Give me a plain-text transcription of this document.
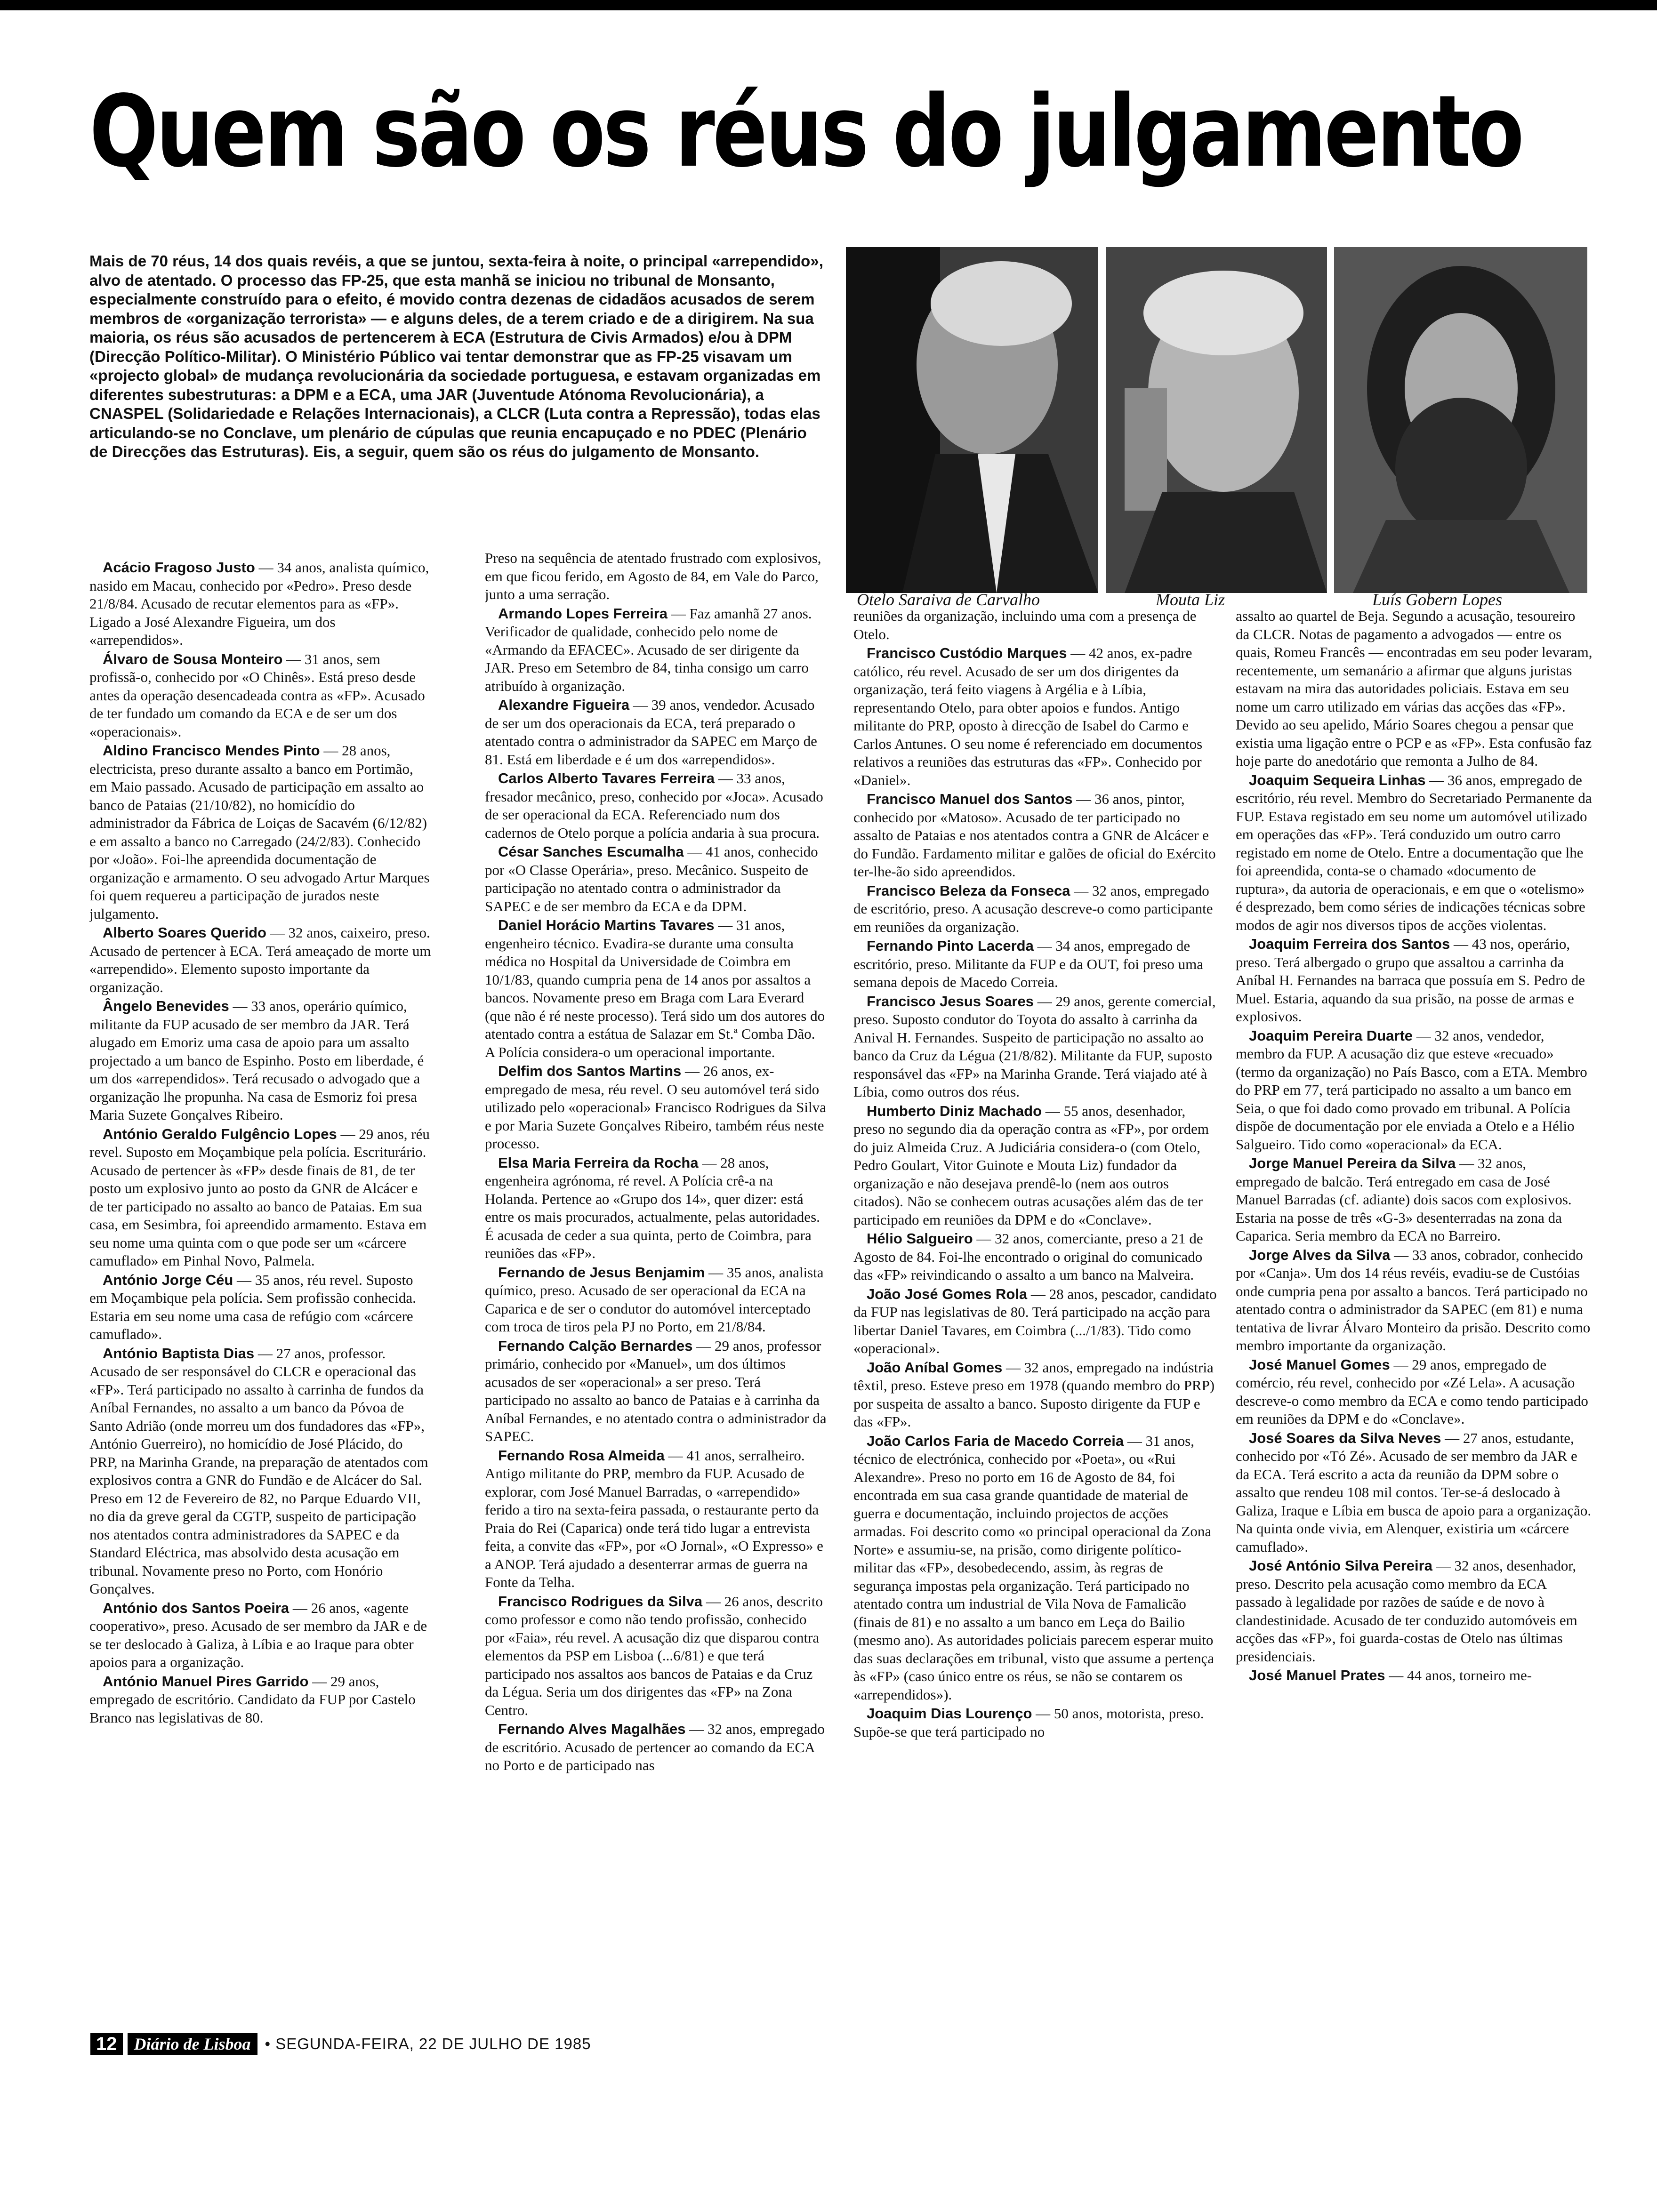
Quem são os réus do julgamento

Mais de 70 réus, 14 dos quais revéis, a que se juntou, sexta-feira à noite, o principal «arrependido», alvo de atentado. O processo das FP-25, que esta manhã se iniciou no tribunal de Monsanto, especialmente construído para o efeito, é movido contra dezenas de cidadãos acusados de serem membros de «organização terrorista» — e alguns deles, de a terem criado e de a dirigirem. Na sua maioria, os réus são acusados de pertencerem à ECA (Estrutura de Civis Armados) e/ou à DPM (Direcção Político-Militar). O Ministério Público vai tentar demonstrar que as FP-25 visavam um «projecto global» de mudança revolucionária da sociedade portuguesa, e estavam organizadas em diferentes subestruturas: a DPM e a ECA, uma JAR (Juventude Atónoma Revolucionária), a CNASPEL (Solidariedade e Relações Internacionais), a CLCR (Luta contra a Repressão), todas elas articulando-se no Conclave, um plenário de cúpulas que reunia encapuçado e no PDEC (Plenário de Direcções das Estruturas). Eis, a seguir, quem são os réus do julgamento de Monsanto.

Otelo Saraiva de Carvalho	Mouta Liz	Luís Gobern Lopes

Acácio Fragoso Justo — 34 anos, analista químico, nasido em Macau, conhecido por «Pedro». Preso desde 21/8/84. Acusado de recutar elementos para as «FP». Ligado a José Alexandre Figueira, um dos «arrependidos».

Álvaro de Sousa Monteiro — 31 anos, sem profissã-o, conhecido por «O Chinês». Está preso desde antes da operação desencadeada contra as «FP». Acusado de ter fundado um comando da ECA e de ser um dos «operacionais».

Aldino Francisco Mendes Pinto — 28 anos, electricista, preso durante assalto a banco em Portimão, em Maio passado. Acusado de participação em assalto ao banco de Pataias (21/10/82), no homicídio do administrador da Fábrica de Loiças de Sacavém (6/12/82) e em assalto a banco no Carregado (24/2/83). Conhecido por «João». Foi-lhe apreendida documentação de organização e armamento. O seu advogado Artur Marques foi quem requereu a participação de jurados neste julgamento.

Alberto Soares Querido — 32 anos, caixeiro, preso. Acusado de pertencer à ECA. Terá ameaçado de morte um «arrependido». Elemento suposto importante da organização.

Ângelo Benevides — 33 anos, operário químico, militante da FUP acusado de ser membro da JAR. Terá alugado em Emoriz uma casa de apoio para um assalto projectado a um banco de Espinho. Posto em liberdade, é um dos «arrependidos». Terá recusado o advogado que a organização lhe propunha. Na casa de Esmoriz foi presa Maria Suzete Gonçalves Ribeiro.

António Geraldo Fulgêncio Lopes — 29 anos, réu revel. Suposto em Moçambique pela polícia. Escriturário. Acusado de pertencer às «FP» desde finais de 81, de ter posto um explosivo junto ao posto da GNR de Alcácer e de ter participado no assalto ao banco de Pataias. Em sua casa, em Sesimbra, foi apreendido armamento. Estava em seu nome uma quinta com o que pode ser um «cárcere camuflado» em Pinhal Novo, Palmela.

António Jorge Céu — 35 anos, réu revel. Suposto em Moçambique pela polícia. Sem profissão conhecida. Estaria em seu nome uma casa de refúgio com «cárcere camuflado».

António Baptista Dias — 27 anos, professor. Acusado de ser responsável do CLCR e operacional das «FP». Terá participado no assalto à carrinha de fundos da Aníbal Fernandes, no assalto a um banco da Póvoa de Santo Adrião (onde morreu um dos fundadores das «FP», António Guerreiro), no homicídio de José Plácido, do PRP, na Marinha Grande, na preparação de atentados com explosivos contra a GNR do Fundão e de Alcácer do Sal. Preso em 12 de Fevereiro de 82, no Parque Eduardo VII, no dia da greve geral da CGTP, suspeito de participação nos atentados contra administradores da SAPEC e da Standard Eléctrica, mas absolvido desta acusação em tribunal. Novamente preso no Porto, com Honório Gonçalves.

António dos Santos Poeira — 26 anos, «agente cooperativo», preso. Acusado de ser membro da JAR e de se ter deslocado à Galiza, à Líbia e ao Iraque para obter apoios para a organização.

António Manuel Pires Garrido — 29 anos, empregado de escritório. Candidato da FUP por Castelo Branco nas legislativas de 80.

Preso na sequência de atentado frustrado com explosivos, em que ficou ferido, em Agosto de 84, em Vale do Parco, junto a uma serração.

Armando Lopes Ferreira — Faz amanhã 27 anos. Verificador de qualidade, conhecido pelo nome de «Armando da EFACEC». Acusado de ser dirigente da JAR. Preso em Setembro de 84, tinha consigo um carro atribuído à organização.

Alexandre Figueira — 39 anos, vendedor. Acusado de ser um dos operacionais da ECA, terá preparado o atentado contra o administrador da SAPEC em Março de 81. Está em liberdade e é um dos «arrependidos».

Carlos Alberto Tavares Ferreira — 33 anos, fresador mecânico, preso, conhecido por «Joca». Acusado de ser operacional da ECA. Referenciado num dos cadernos de Otelo porque a polícia andaria à sua procura.

César Sanches Escumalha — 41 anos, conhecido por «O Classe Operária», preso. Mecânico. Suspeito de participação no atentado contra o administrador da SAPEC e de ser membro da ECA e da DPM.

Daniel Horácio Martins Tavares — 31 anos, engenheiro técnico. Evadira-se durante uma consulta médica no Hospital da Universidade de Coimbra em 10/1/83, quando cumpria pena de 14 anos por assaltos a bancos. Novamente preso em Braga com Lara Everard (que não é ré neste processo). Terá sido um dos autores do atentado contra a estátua de Salazar em St.ª Comba Dão. A Polícia considera-o um operacional importante.

Delfim dos Santos Martins — 26 anos, ex-empregado de mesa, réu revel. O seu automóvel terá sido utilizado pelo «operacional» Francisco Rodrigues da Silva e por Maria Suzete Gonçalves Ribeiro, também réus neste processo.

Elsa Maria Ferreira da Rocha — 28 anos, engenheira agrónoma, ré revel. A Polícia crê-a na Holanda. Pertence ao «Grupo dos 14», quer dizer: está entre os mais procurados, actualmente, pelas autoridades. É acusada de ceder a sua quinta, perto de Coimbra, para reuniões das «FP».

Fernando de Jesus Benjamim — 35 anos, analista químico, preso. Acusado de ser operacional da ECA na Caparica e de ser o condutor do automóvel interceptado com troca de tiros pela PJ no Porto, em 21/8/84.

Fernando Calção Bernardes — 29 anos, professor primário, conhecido por «Manuel», um dos últimos acusados de ser «operacional» a ser preso. Terá participado no assalto ao banco de Pataias e à carrinha da Aníbal Fernandes, e no atentado contra o administrador da SAPEC.

Fernando Rosa Almeida — 41 anos, serralheiro. Antigo militante do PRP, membro da FUP. Acusado de explorar, com José Manuel Barradas, o «arrependido» ferido a tiro na sexta-feira passada, o restaurante perto da Praia do Rei (Caparica) onde terá tido lugar a entrevista feita, a convite das «FP», por «O Jornal», «O Expresso» e a ANOP. Terá ajudado a desenterrar armas de guerra na Fonte da Telha.

Francisco Rodrigues da Silva — 26 anos, descrito como professor e como não tendo profissão, conhecido por «Faia», réu revel. A acusação diz que disparou contra elementos da PSP em Lisboa (...6/81) e que terá participado nos assaltos aos bancos de Pataias e da Cruz da Légua. Seria um dos dirigentes das «FP» na Zona Centro.

Fernando Alves Magalhães — 32 anos, empregado de escritório. Acusado de pertencer ao comando da ECA no Porto e de participado nas

reuniões da organização, incluindo uma com a presença de Otelo.

Francisco Custódio Marques — 42 anos, ex-padre católico, réu revel. Acusado de ser um dos dirigentes da organização, terá feito viagens à Argélia e à Líbia, representando Otelo, para obter apoios e fundos. Antigo militante do PRP, oposto à direcção de Isabel do Carmo e Carlos Antunes. O seu nome é referenciado em documentos relativos a reuniões das estruturas das «FP». Conhecido por «Daniel».

Francisco Manuel dos Santos — 36 anos, pintor, conhecido por «Matoso». Acusado de ter participado no assalto de Pataias e nos atentados contra a GNR de Alcácer e do Fundão. Fardamento militar e galões de oficial do Exército ter-lhe-ão sido apreendidos.

Francisco Beleza da Fonseca — 32 anos, empregado de escritório, preso. A acusação descreve-o como participante em reuniões da organização.

Fernando Pinto Lacerda — 34 anos, empregado de escritório, preso. Militante da FUP e da OUT, foi preso uma semana depois de Macedo Correia.

Francisco Jesus Soares — 29 anos, gerente comercial, preso. Suposto condutor do Toyota do assalto à carrinha da Anival H. Fernandes. Suspeito de participação no assalto ao banco da Cruz da Légua (21/8/82). Militante da FUP, suposto responsável das «FP» na Marinha Grande. Terá viajado até à Líbia, como outros dos réus.

Humberto Diniz Machado — 55 anos, desenhador, preso no segundo dia da operação contra as «FP», por ordem do juiz Almeida Cruz. A Judiciária considera-o (com Otelo, Pedro Goulart, Vitor Guinote e Mouta Liz) fundador da organização e não desejava prendê-lo (nem aos outros citados). Não se conhecem outras acusações além das de ter participado em reuniões da DPM e do «Conclave».

Hélio Salgueiro — 32 anos, comerciante, preso a 21 de Agosto de 84. Foi-lhe encontrado o original do comunicado das «FP» reivindicando o assalto a um banco na Malveira.

João José Gomes Rola — 28 anos, pescador, candidato da FUP nas legislativas de 80. Terá participado na acção para libertar Daniel Tavares, em Coimbra (.../1/83). Tido como «operacional».

João Aníbal Gomes — 32 anos, empregado na indústria têxtil, preso. Esteve preso em 1978 (quando membro do PRP) por suspeita de assalto a banco. Suposto dirigente da FUP e das «FP».

João Carlos Faria de Macedo Correia — 31 anos, técnico de electrónica, conhecido por «Poeta», ou «Rui Alexandre». Preso no porto em 16 de Agosto de 84, foi encontrada em sua casa grande quantidade de material de guerra e documentação, incluindo projectos de acções armadas. Foi descrito como «o principal operacional da Zona Norte» e assumiu-se, na prisão, como dirigente político-militar das «FP», desobedecendo, assim, às regras de segurança impostas pela organização. Terá participado no atentado contra um industrial de Vila Nova de Famalicão (finais de 81) e no assalto a um banco em Leça do Bailio (mesmo ano). As autoridades policiais parecem esperar muito das suas declarações em tribunal, visto que assume a pertença às «FP» (caso único entre os réus, se não se contarem os «arrependidos»).

Joaquim Dias Lourenço — 50 anos, motorista, preso. Supõe-se que terá participado no

assalto ao quartel de Beja. Segundo a acusação, tesoureiro da CLCR. Notas de pagamento a advogados — entre os quais, Romeu Francês — encontradas em seu poder levaram, recentemente, um semanário a afirmar que alguns juristas estavam na mira das autoridades policiais. Estava em seu nome um carro utilizado em várias das acções das «FP». Devido ao seu apelido, Mário Soares chegou a pensar que existia uma ligação entre o PCP e as «FP». Esta confusão faz hoje parte do anedotário que remonta a Julho de 84.

Joaquim Sequeira Linhas — 36 anos, empregado de escritório, réu revel. Membro do Secretariado Permanente da FUP. Estava registado em seu nome um automóvel utilizado em operações das «FP». Terá conduzido um outro carro registado em nome de Otelo. Entre a documentação que lhe foi apreendida, conta-se o chamado «documento de ruptura», da autoria de operacionais, e em que o «otelismo» é desprezado, bem como séries de indicações técnicas sobre modos de agir nos diversos tipos de acções violentas.

Joaquim Ferreira dos Santos — 43 nos, operário, preso. Terá albergado o grupo que assaltou a carrinha da Aníbal H. Fernandes na barraca que possuía em S. Pedro de Muel. Estaria, aquando da sua prisão, na posse de armas e explosivos.

Joaquim Pereira Duarte — 32 anos, vendedor, membro da FUP. A acusação diz que esteve «recuado» (termo da organização) no País Basco, com a ETA. Membro do PRP em 77, terá participado no assalto a um banco em Seia, o que foi dado como provado em tribunal. A Polícia dispõe de documentação por ele enviada a Otelo e a Hélio Salgueiro. Tido como «operacional» da ECA.

Jorge Manuel Pereira da Silva — 32 anos, empregado de balcão. Terá entregado em casa de José Manuel Barradas (cf. adiante) dois sacos com explosivos. Estaria na posse de três «G-3» desenterradas na zona da Caparica. Seria membro da ECA no Barreiro.

Jorge Alves da Silva — 33 anos, cobrador, conhecido por «Canja». Um dos 14 réus revéis, evadiu-se de Custóias onde cumpria pena por assalto a bancos. Terá participado no atentado contra o administrador da SAPEC (em 81) e numa tentativa de livrar Álvaro Monteiro da prisão. Descrito como membro importante da organização.

José Manuel Gomes — 29 anos, empregado de comércio, réu revel, conhecido por «Zé Lela». A acusação descreve-o como membro da ECA e como tendo participado em reuniões da DPM e do «Conclave».

José Soares da Silva Neves — 27 anos, estudante, conhecido por «Tó Zé». Acusado de ser membro da JAR e da ECA. Terá escrito a acta da reunião da DPM sobre o assalto que rendeu 108 mil contos. Ter-se-á deslocado à Galiza, Iraque e Líbia em busca de apoio para a organização. Na quinta onde vivia, em Alenquer, existiria um «cárcere camuflado».

José António Silva Pereira — 32 anos, desenhador, preso. Descrito pela acusação como membro da ECA passado à legalidade por razões de saúde e de novo à clandestinidade. Acusado de ter conduzido automóveis em acções das «FP», foi guarda-costas de Otelo nas últimas presidenciais.

José Manuel Prates — 44 anos, torneiro me-

12	Diário de Lisboa • SEGUNDA-FEIRA, 22 DE JULHO DE 1985
